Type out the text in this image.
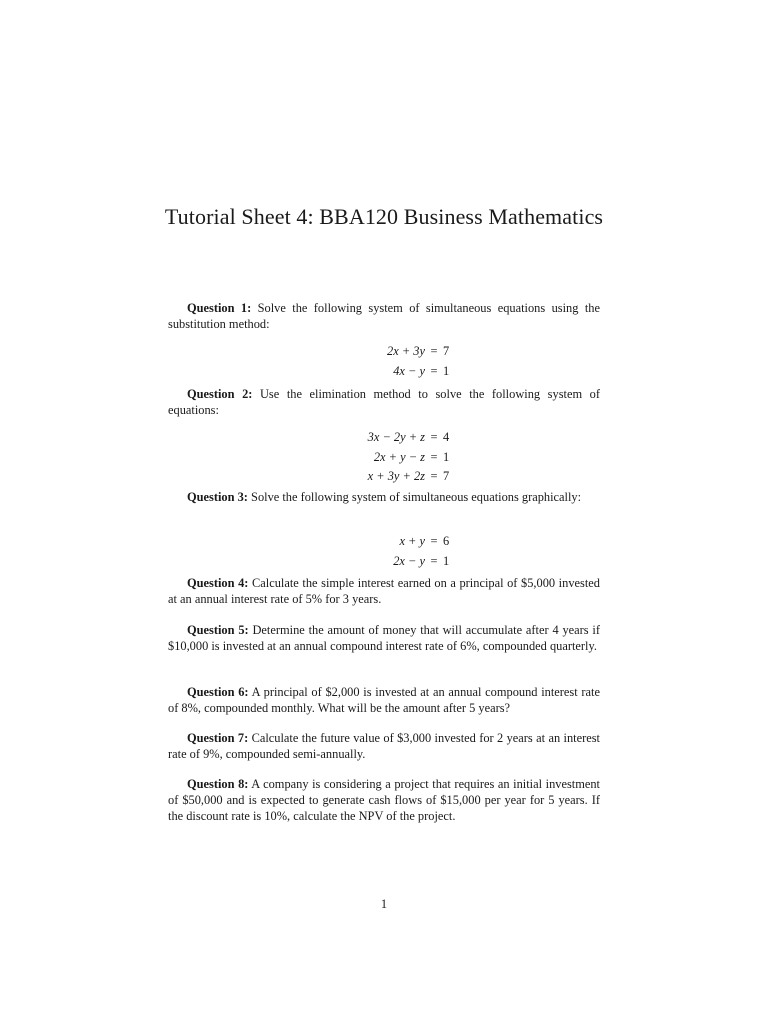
Tutorial Sheet 4: BBA120 Business Mathematics
Question 1: Solve the following system of simultaneous equations using the substitution method:
2x + 3y = 7
4x − y = 1
Question 2: Use the elimination method to solve the following system of equations:
3x − 2y + z = 4
2x + y − z = 1
x + 3y + 2z = 7
Question 3: Solve the following system of simultaneous equations graphically:
x + y = 6
2x − y = 1
Question 4: Calculate the simple interest earned on a principal of $5,000 invested at an annual interest rate of 5% for 3 years.
Question 5: Determine the amount of money that will accumulate after 4 years if $10,000 is invested at an annual compound interest rate of 6%, compounded quarterly.
Question 6: A principal of $2,000 is invested at an annual compound interest rate of 8%, compounded monthly. What will be the amount after 5 years?
Question 7: Calculate the future value of $3,000 invested for 2 years at an interest rate of 9%, compounded semi-annually.
Question 8: A company is considering a project that requires an initial investment of $50,000 and is expected to generate cash flows of $15,000 per year for 5 years. If the discount rate is 10%, calculate the NPV of the project.
1
